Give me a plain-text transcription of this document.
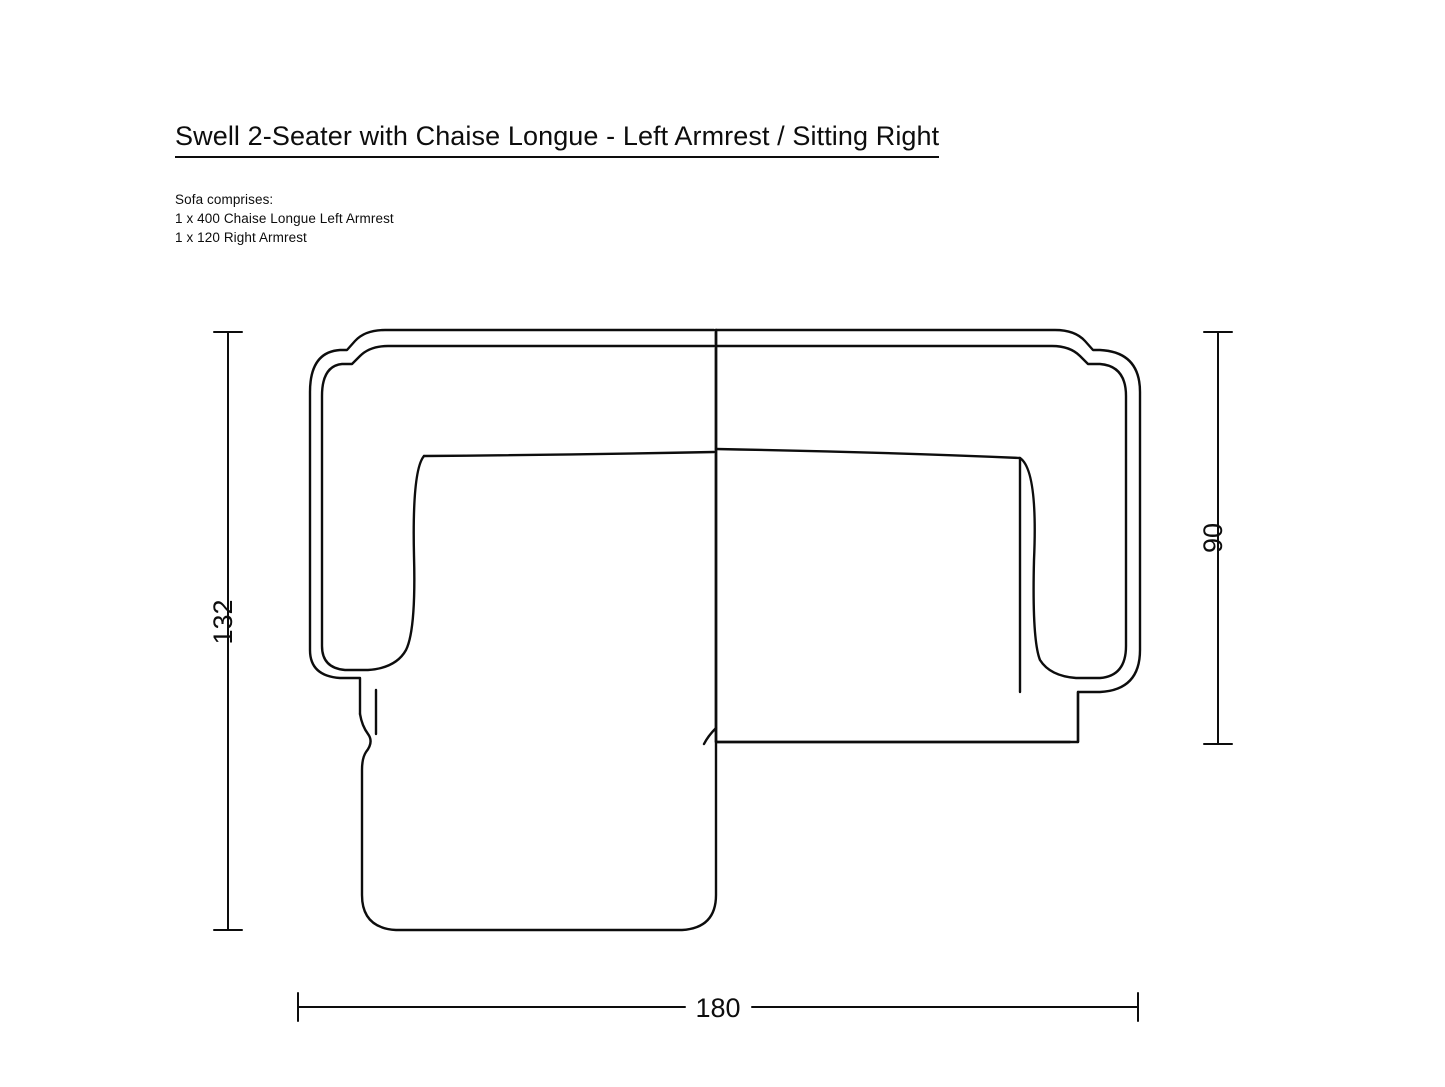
Swell 2-Seater with Chaise Longue - Left Armrest / Sitting Right
Sofa comprises:
1 x 400 Chaise Longue Left Armrest
1 x 120 Right Armrest
132
90
180
